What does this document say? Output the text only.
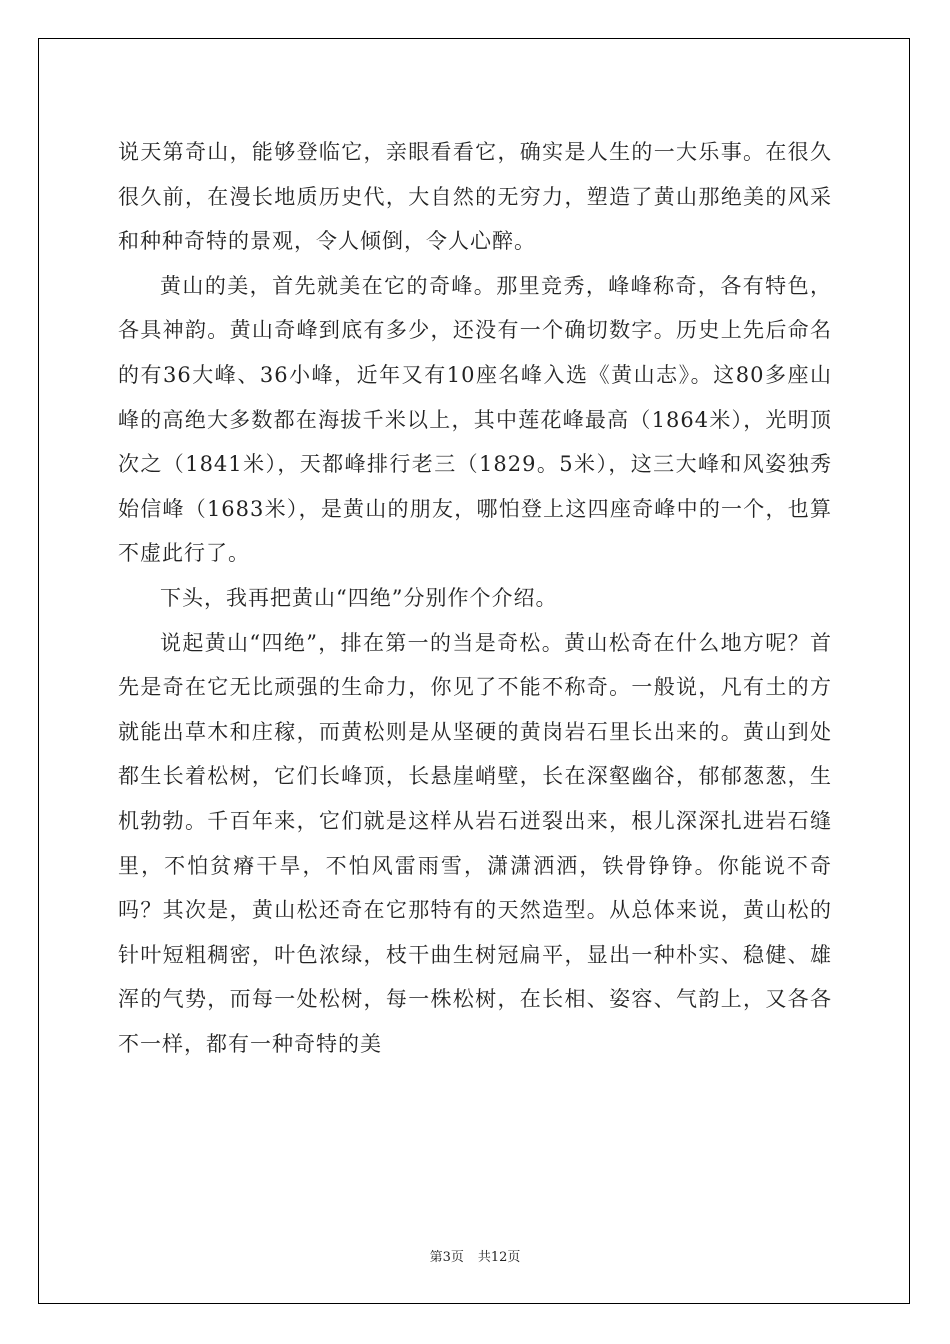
说天第奇山，能够登临它，亲眼看看它，确实是人生的一大乐事。在很久很久前，在漫长地质历史代，大自然的无穷力，塑造了黄山那绝美的风采和种种奇特的景观，令人倾倒，令人心醉。

黄山的美，首先就美在它的奇峰。那里竞秀，峰峰称奇，各有特色，各具神韵。黄山奇峰到底有多少，还没有一个确切数字。历史上先后命名的有36大峰、36小峰，近年又有10座名峰入选《黄山志》。这80多座山峰的高绝大多数都在海拔千米以上，其中莲花峰最高（1864米），光明顶次之（1841米），天都峰排行老三（1829。5米），这三大峰和风姿独秀始信峰（1683米），是黄山的朋友，哪怕登上这四座奇峰中的一个，也算不虚此行了。

下头，我再把黄山“四绝”分别作个介绍。

说起黄山“四绝”，排在第一的当是奇松。黄山松奇在什么地方呢？首先是奇在它无比顽强的生命力，你见了不能不称奇。一般说，凡有土的方就能出草木和庄稼，而黄松则是从坚硬的黄岗岩石里长出来的。黄山到处都生长着松树，它们长峰顶，长悬崖峭壁，长在深壑幽谷，郁郁葱葱，生机勃勃。千百年来，它们就是这样从岩石迸裂出来，根儿深深扎进岩石缝里，不怕贫瘠干旱，不怕风雷雨雪，潇潇洒洒，铁骨铮铮。你能说不奇吗？其次是，黄山松还奇在它那特有的天然造型。从总体来说，黄山松的针叶短粗稠密，叶色浓绿，枝干曲生树冠扁平，显出一种朴实、稳健、雄浑的气势，而每一处松树，每一株松树，在长相、姿容、气韵上，又各各不一样，都有一种奇特的美

第3页 共12页
